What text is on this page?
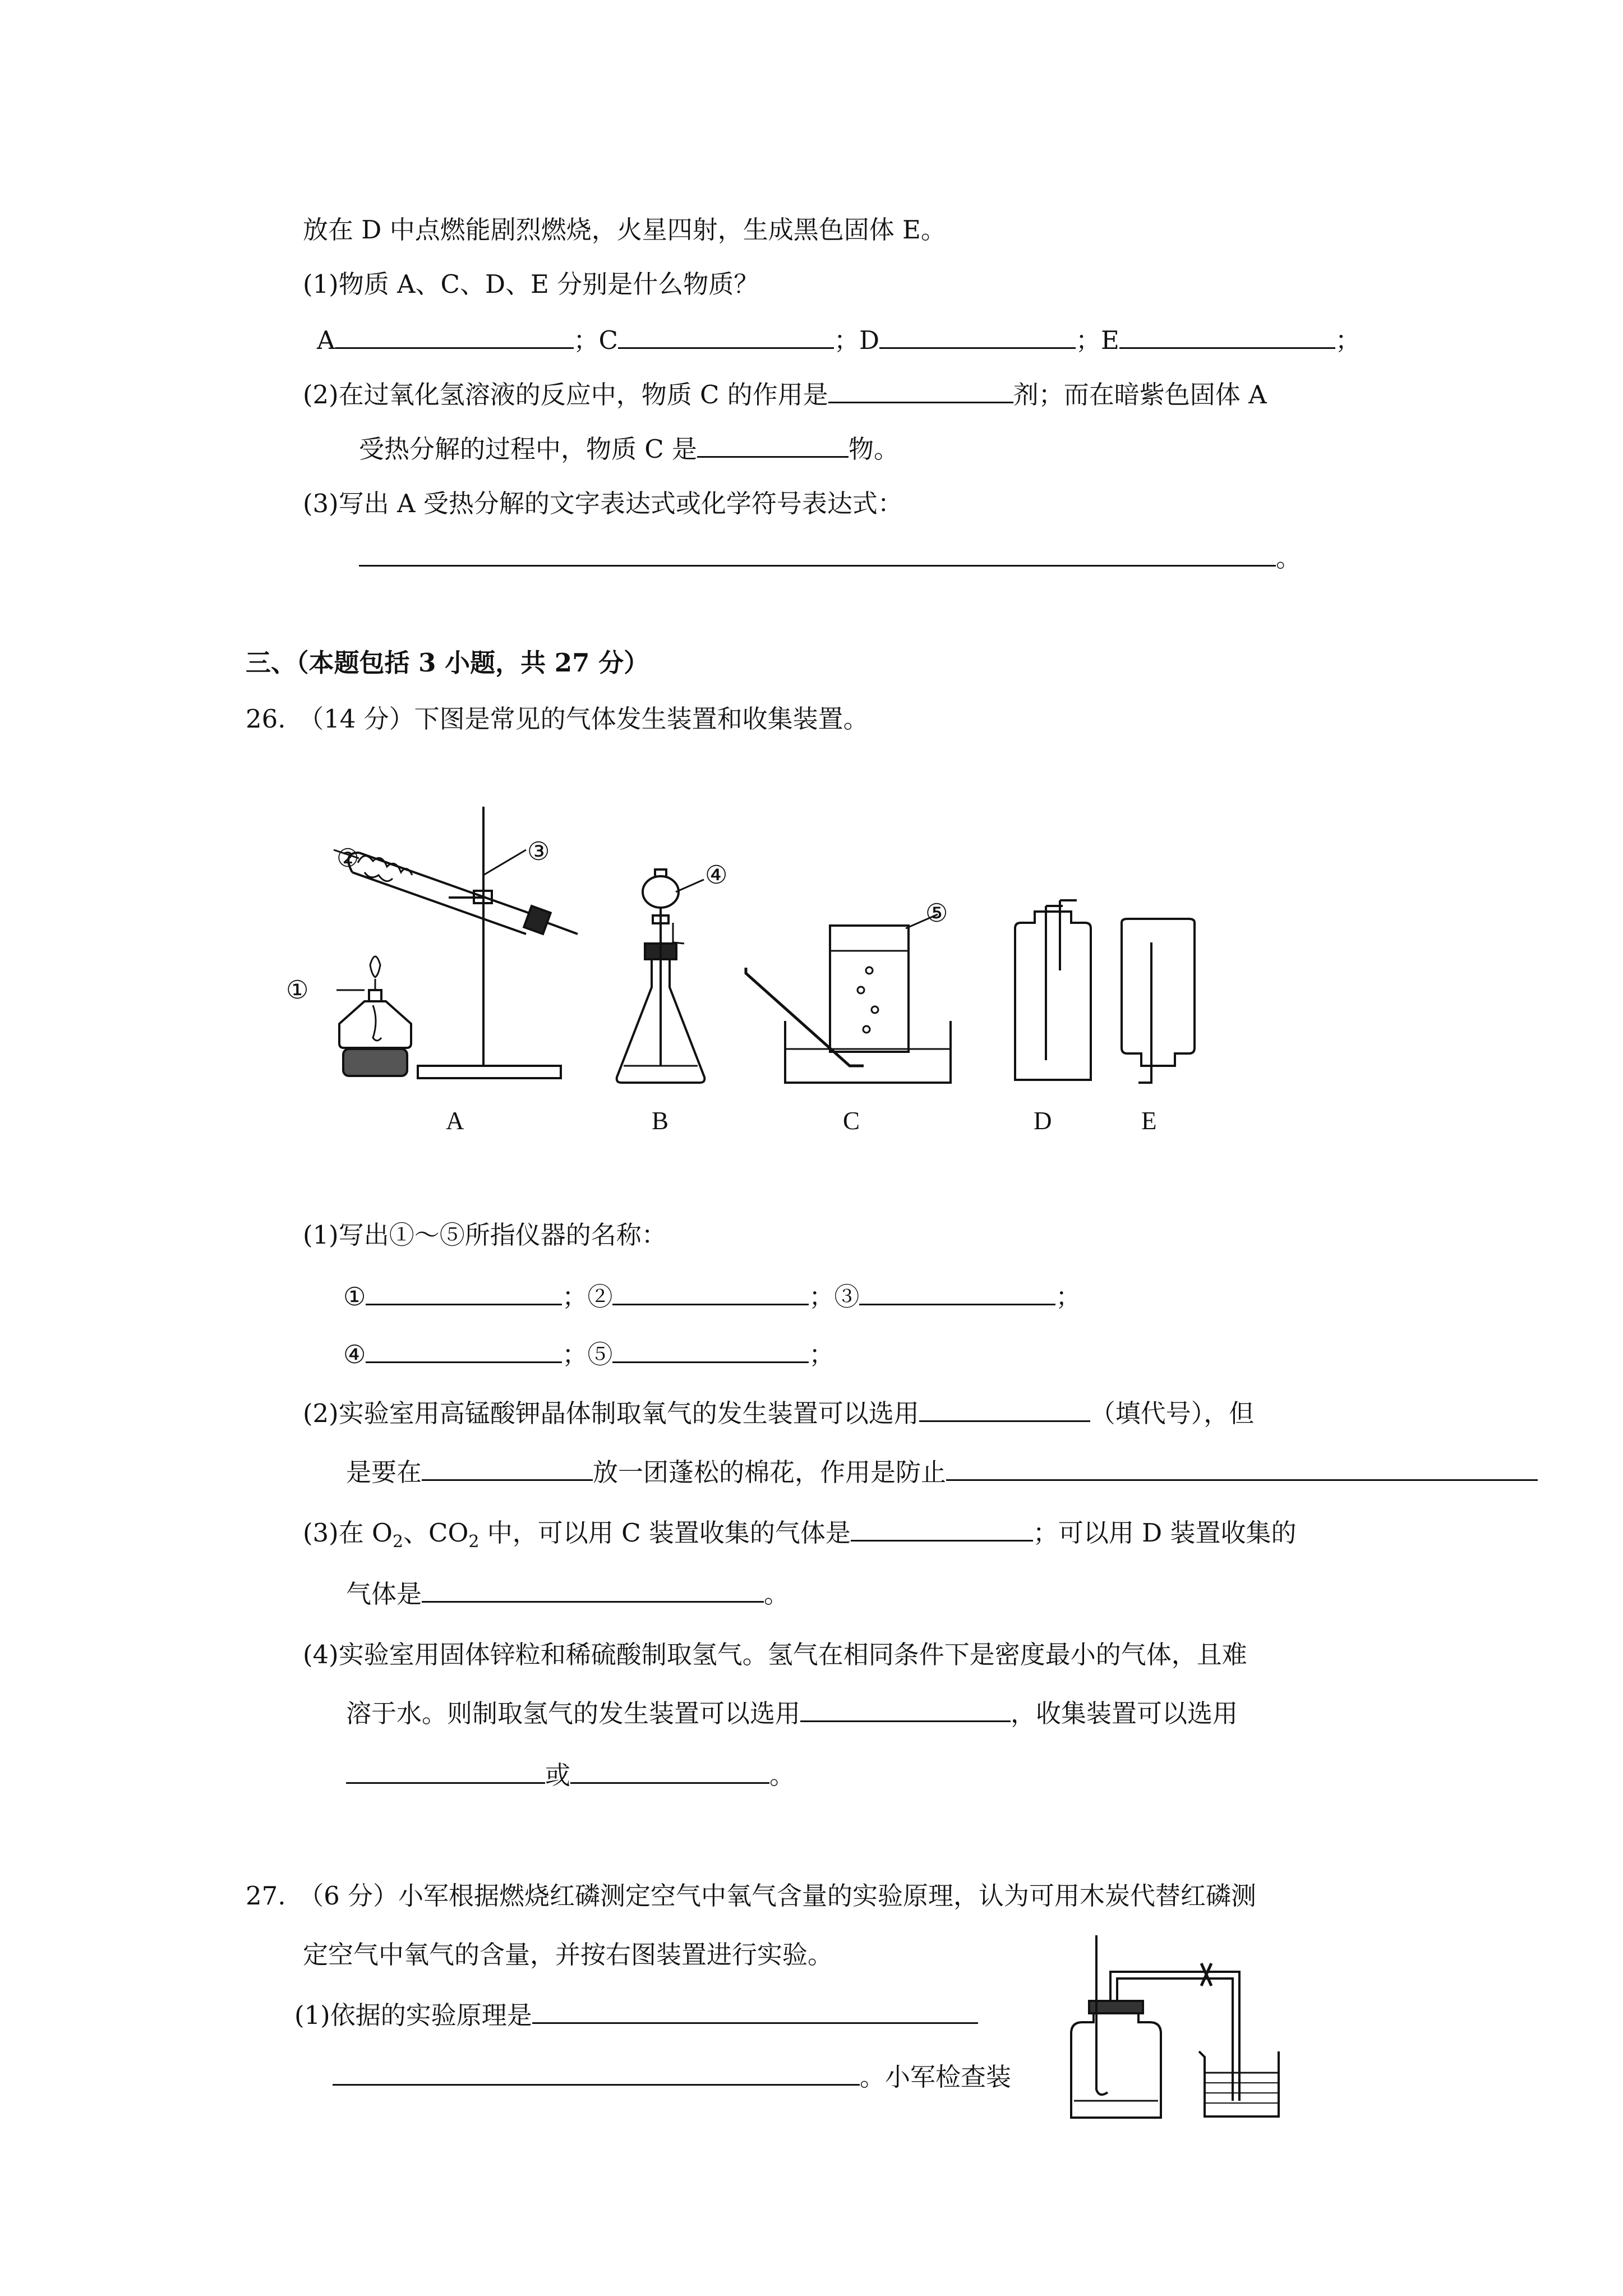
放在 D 中点燃能剧烈燃烧，火星四射，生成黑色固体 E。
(1)物质 A、C、D、E 分别是什么物质？
A	；C	；D	；E	；
(2)在过氧化氢溶液的反应中，物质 C 的作用是	剂；而在暗紫色固体 A
受热分解的过程中，物质 C 是	物。
(3)写出 A 受热分解的文字表达式或化学符号表达式：
。
三、（本题包括 3 小题，共 27 分）
26.　（14 分）下图是常见的气体发生装置和收集装置。
①
②	③
④
⑤
A	B	C	D	E
(1)写出①～⑤所指仪器的名称：
①	；②	；③	；
④	；⑤	；
(2)实验室用高锰酸钾晶体制取氧气的发生装置可以选用	（填代号），但
是要在	放一团蓬松的棉花，作用是防止
(3)在 $O_2$、$CO_2$ 中，可以用 C 装置收集的气体是	；可以用 D 装置收集的
气体是	。
(4)实验室用固体锌粒和稀硫酸制取氢气。氢气在相同条件下是密度最小的气体，且难
溶于水。则制取氢气的发生装置可以选用	，收集装置可以选用
或	。
27.　（6 分）小军根据燃烧红磷测定空气中氧气含量的实验原理，认为可用木炭代替红磷测
定空气中氧气的含量，并按右图装置进行实验。
(1)依据的实验原理是
。小军检查装
